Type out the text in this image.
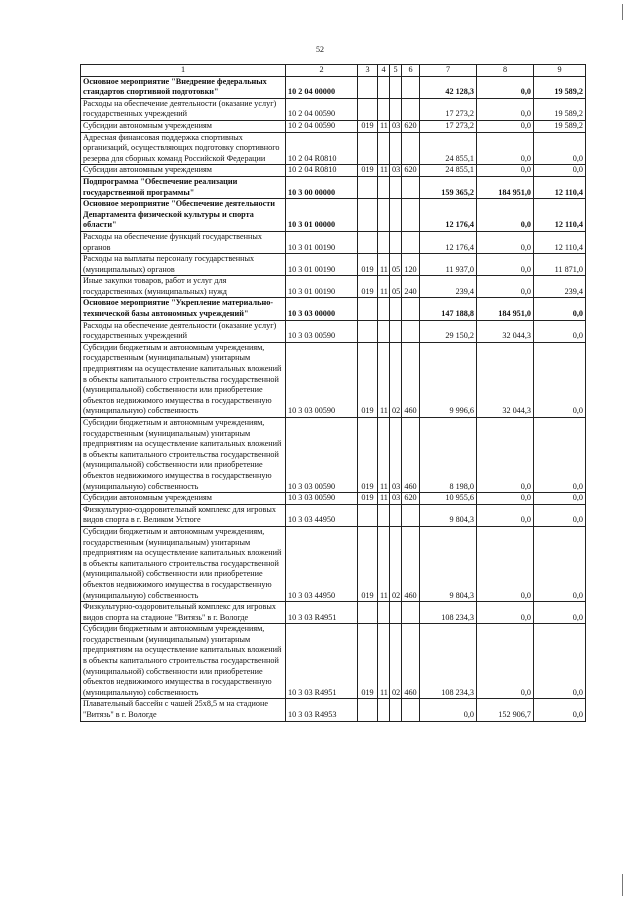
52
1	2	3	4	5	6	7	8	9
Основное мероприятие "Внедрение федеральных стандартов спортивной подготовки"	10 2 04 00000					42 128,3	0,0	19 589,2
Расходы на обеспечение деятельности (оказание услуг) государственных учреждений	10 2 04 00590					17 273,2	0,0	19 589,2
Субсидии автономным учреждениям	10 2 04 00590	019	11	03	620	17 273,2	0,0	19 589,2
Адресная финансовая поддержка спортивных организаций, осуществляющих подготовку спортивного резерва для сборных команд Российской Федерации	10 2 04 R0810					24 855,1	0,0	0,0
Субсидии автономным учреждениям	10 2 04 R0810	019	11	03	620	24 855,1	0,0	0,0
Подпрограмма "Обеспечение реализации государственной программы"	10 3 00 00000					159 365,2	184 951,0	12 110,4
Основное мероприятие "Обеспечение деятельности Департамента физической культуры и спорта области"	10 3 01 00000					12 176,4	0,0	12 110,4
Расходы на обеспечение функций государственных органов	10 3 01 00190					12 176,4	0,0	12 110,4
Расходы на выплаты персоналу государственных (муниципальных) органов	10 3 01 00190	019	11	05	120	11 937,0	0,0	11 871,0
Иные закупки товаров, работ и услуг для государственных (муниципальных) нужд	10 3 01 00190	019	11	05	240	239,4	0,0	239,4
Основное мероприятие "Укрепление материально-технической базы автономных учреждений"	10 3 03 00000					147 188,8	184 951,0	0,0
Расходы на обеспечение деятельности (оказание услуг) государственных учреждений	10 3 03 00590					29 150,2	32 044,3	0,0
Субсидии бюджетным и автономным учреждениям, государственным (муниципальным) унитарным предприятиям на осуществление капитальных вложений в объекты капитального строительства государственной (муниципальной) собственности или приобретение объектов недвижимого имущества в государственную (муниципальную) собственность	10 3 03 00590	019	11	02	460	9 996,6	32 044,3	0,0
Субсидии бюджетным и автономным учреждениям, государственным (муниципальным) унитарным предприятиям на осуществление капитальных вложений в объекты капитального строительства государственной (муниципальной) собственности или приобретение объектов недвижимого имущества в государственную (муниципальную) собственность	10 3 03 00590	019	11	03	460	8 198,0	0,0	0,0
Субсидии автономным учреждениям	10 3 03 00590	019	11	03	620	10 955,6	0,0	0,0
Физкультурно-оздоровительный комплекс для игровых видов спорта в г. Великом Устюге	10 3 03 44950					9 804,3	0,0	0,0
Субсидии бюджетным и автономным учреждениям, государственным (муниципальным) унитарным предприятиям на осуществление капитальных вложений в объекты капитального строительства государственной (муниципальной) собственности или приобретение объектов недвижимого имущества в государственную (муниципальную) собственность	10 3 03 44950	019	11	02	460	9 804,3	0,0	0,0
Физкультурно-оздоровительный комплекс для игровых видов спорта на стадионе "Витязь" в г. Вологде	10 3 03 R4951					108 234,3	0,0	0,0
Субсидии бюджетным и автономным учреждениям, государственным (муниципальным) унитарным предприятиям на осуществление капитальных вложений в объекты капитального строительства государственной (муниципальной) собственности или приобретение объектов недвижимого имущества в государственную (муниципальную) собственность	10 3 03 R4951	019	11	02	460	108 234,3	0,0	0,0
Плавательный бассейн с чашей 25х8,5 м на стадионе "Витязь" в г. Вологде	10 3 03 R4953					0,0	152 906,7	0,0
